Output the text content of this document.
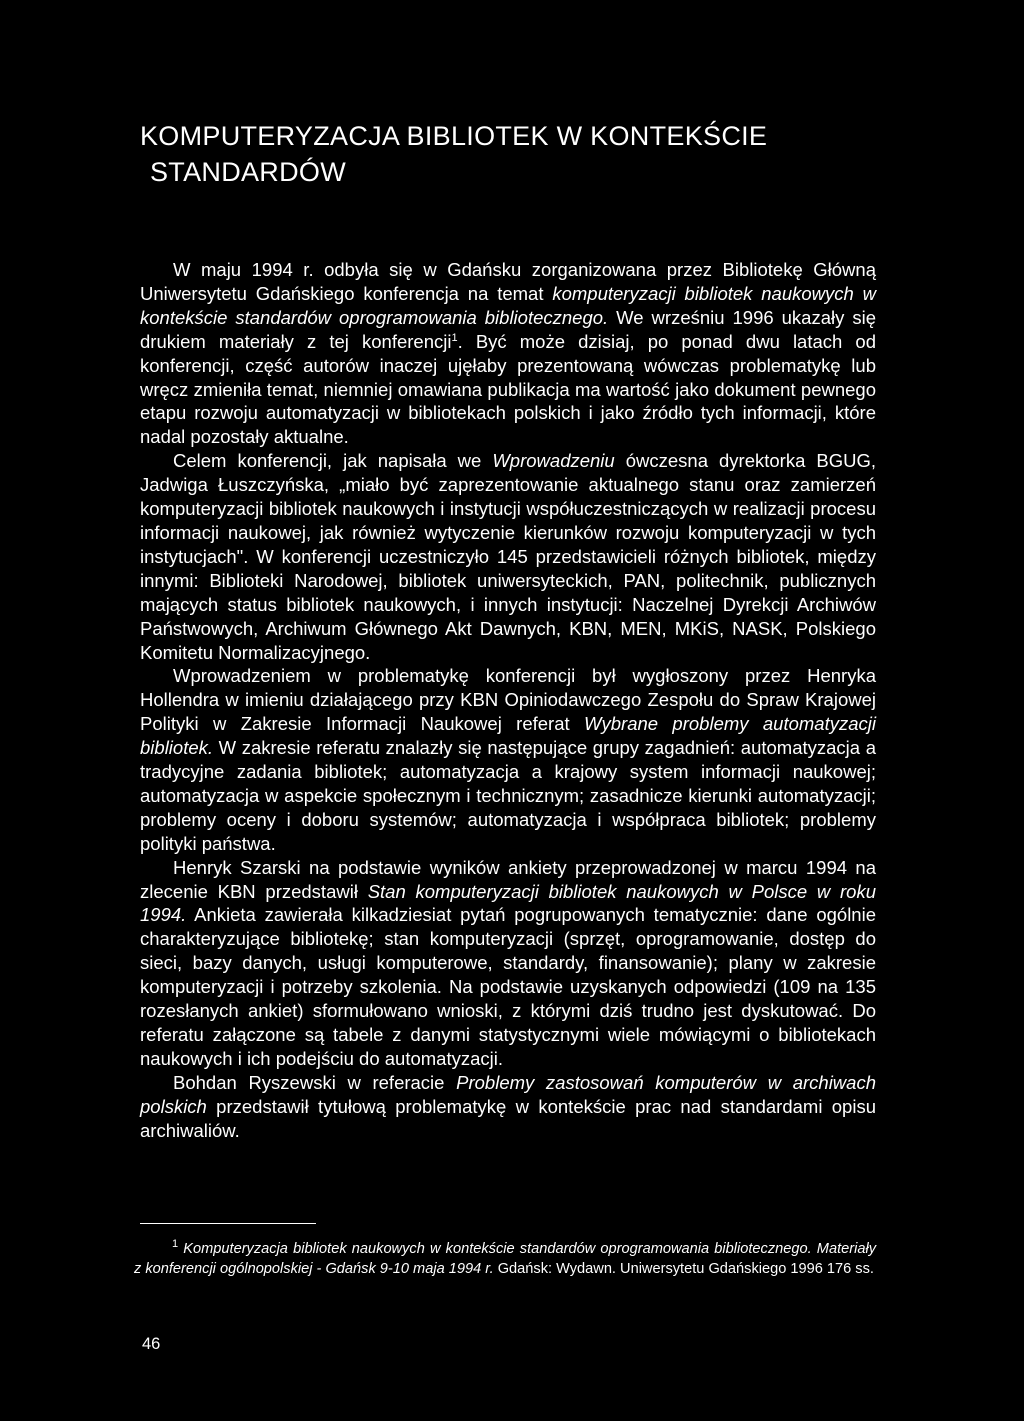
KOMPUTERYZACJA BIBLIOTEK W KONTEKŚCIE
STANDARDÓW

W maju 1994 r. odbyła się w Gdańsku zorganizowana przez Bibliotekę Główną Uniwersytetu Gdańskiego konferencja na temat komputeryzacji bibliotek naukowych w kontekście standardów oprogramowania bibliotecznego. We wrześniu 1996 ukazały się drukiem materiały z tej konferencji$^1$. Być może dzisiaj, po ponad dwu latach od konferencji, część autorów inaczej ujęłaby prezentowaną wówczas problematykę lub wręcz zmieniła temat, niemniej omawiana publikacja ma wartość jako dokument pewnego etapu rozwoju automatyzacji w bibliotekach polskich i jako źródło tych informacji, które nadal pozostały aktualne.

Celem konferencji, jak napisała we Wprowadzeniu ówczesna dyrektorka BGUG, Jadwiga Łuszczyńska, „miało być zaprezentowanie aktualnego stanu oraz zamierzeń komputeryzacji bibliotek naukowych i instytucji współuczestniczących w realizacji procesu informacji naukowej, jak również wytyczenie kierunków rozwoju komputeryzacji w tych instytucjach". W konferencji uczestniczyło 145 przedstawicieli różnych bibliotek, między innymi: Biblioteki Narodowej, bibliotek uniwersyteckich, PAN, politechnik, publicznych mających status bibliotek naukowych, i innych instytucji: Naczelnej Dyrekcji Archiwów Państwowych, Archiwum Głównego Akt Dawnych, KBN, MEN, MKiS, NASK, Polskiego Komitetu Normalizacyjnego.

Wprowadzeniem w problematykę konferencji był wygłoszony przez Henryka Hollendra w imieniu działającego przy KBN Opiniodawczego Zespołu do Spraw Krajowej Polityki w Zakresie Informacji Naukowej referat Wybrane problemy automatyzacji bibliotek. W zakresie referatu znalazły się następujące grupy zagadnień: automatyzacja a tradycyjne zadania bibliotek; automatyzacja a krajowy system informacji naukowej; automatyzacja w aspekcie społecznym i technicznym; zasadnicze kierunki automatyzacji; problemy oceny i doboru systemów; automatyzacja i współpraca bibliotek; problemy polityki państwa.

Henryk Szarski na podstawie wyników ankiety przeprowadzonej w marcu 1994 na zlecenie KBN przedstawił Stan komputeryzacji bibliotek naukowych w Polsce w roku 1994. Ankieta zawierała kilkadziesiat pytań pogrupowanych tematycznie: dane ogólnie charakteryzujące bibliotekę; stan komputeryzacji (sprzęt, oprogramowanie, dostęp do sieci, bazy danych, usługi komputerowe, standardy, finansowanie); plany w zakresie komputeryzacji i potrzeby szkolenia. Na podstawie uzyskanych odpowiedzi (109 na 135 rozesłanych ankiet) sformułowano wnioski, z którymi dziś trudno jest dyskutować. Do referatu załączone są tabele z danymi statystycznymi wiele mówiącymi o bibliotekach naukowych i ich podejściu do automatyzacji.

Bohdan Ryszewski w referacie Problemy zastosowań komputerów w archiwach polskich przedstawił tytułową problematykę w kontekście prac nad standardami opisu archiwaliów.

$^1$ Komputeryzacja bibliotek naukowych w kontekście standardów oprogramowania bibliotecznego. Materiały z konferencji ogólnopolskiej - Gdańsk 9-10 maja 1994 r. Gdańsk: Wydawn. Uniwersytetu Gdańskiego 1996 176 ss.

46
